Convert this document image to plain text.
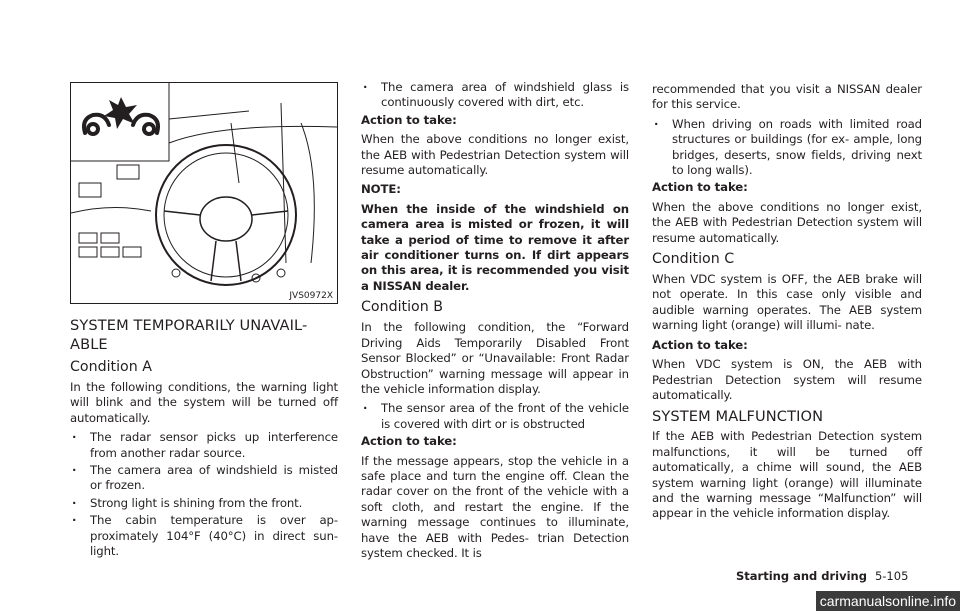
JVS0972X
SYSTEM TEMPORARILY UNAVAIL-
ABLE
Condition A

In the following conditions, the warning light will blink and the system will be turned off automatically.

. The radar sensor picks up interference from another radar source.
. The camera area of windshield is misted or frozen.
. Strong light is shining from the front.
. The cabin temperature is over ap- proximately 104°F (40°C) in direct sun- light.
. The camera area of windshield glass is continuously covered with dirt, etc.

Action to take:

When the above conditions no longer exist, the AEB with Pedestrian Detection system will resume automatically.

NOTE:

When the inside of the windshield on camera area is misted or frozen, it will take a period of time to remove it after air conditioner turns on. If dirt appears on this area, it is recommended you visit a NISSAN dealer.

Condition B

In the following condition, the “Forward Driving Aids Temporarily Disabled Front Sensor Blocked” or “Unavailable: Front Radar Obstruction” warning message will appear in the vehicle information display.

. The sensor area of the front of the vehicle is covered with dirt or is obstructed

Action to take:

If the message appears, stop the vehicle in a safe place and turn the engine off. Clean the radar cover on the front of the vehicle with a soft cloth, and restart the engine. If the warning message continues to illuminate, have the AEB with Pedes- trian Detection system checked. It is

recommended that you visit a NISSAN dealer for this service.

. When driving on roads with limited road structures or buildings (for ex- ample, long bridges, deserts, snow fields, driving next to long walls).

Action to take:

When the above conditions no longer exist, the AEB with Pedestrian Detection system will resume automatically.

Condition C

When VDC system is OFF, the AEB brake will not operate. In this case only visible and audible warning operates. The AEB system warning light (orange) will illumi- nate.

Action to take:

When VDC system is ON, the AEB with Pedestrian Detection system will resume automatically.

SYSTEM MALFUNCTION

If the AEB with Pedestrian Detection system malfunctions, it will be turned off automatically, a chime will sound, the AEB system warning light (orange) will illuminate and the warning message “Malfunction” will appear in the vehicle information display.

Starting and driving 5-105
carmanualsonline.info
